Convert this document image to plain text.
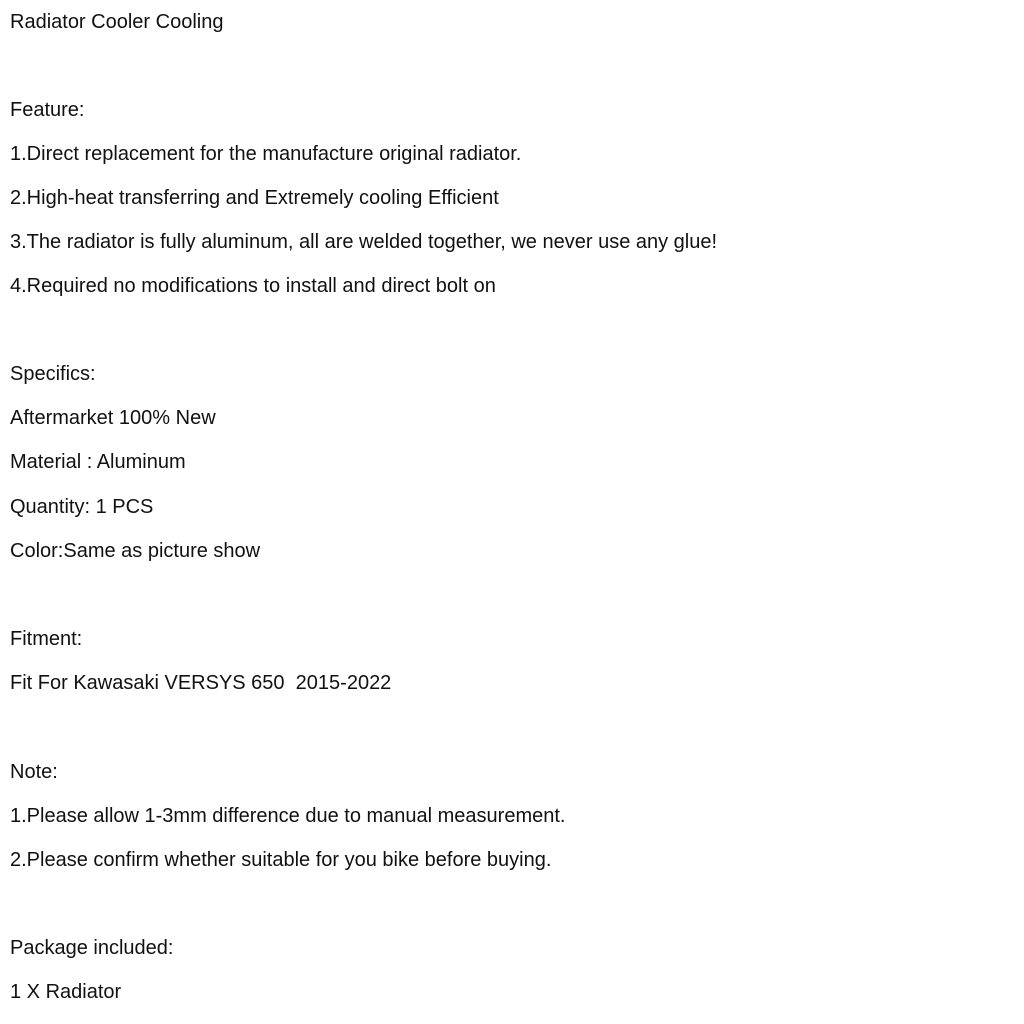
Radiator Cooler Cooling
Feature:
1.Direct replacement for the manufacture original radiator.
2.High-heat transferring and Extremely cooling Efficient
3.The radiator is fully aluminum, all are welded together, we never use any glue!
4.Required no modifications to install and direct bolt on
Specifics:
Aftermarket 100% New
Material : Aluminum
Quantity: 1 PCS
Color:Same as picture show
Fitment:
Fit For Kawasaki VERSYS 650  2015-2022
Note:
1.Please allow 1-3mm difference due to manual measurement.
2.Please confirm whether suitable for you bike before buying.
Package included:
1 X Radiator
